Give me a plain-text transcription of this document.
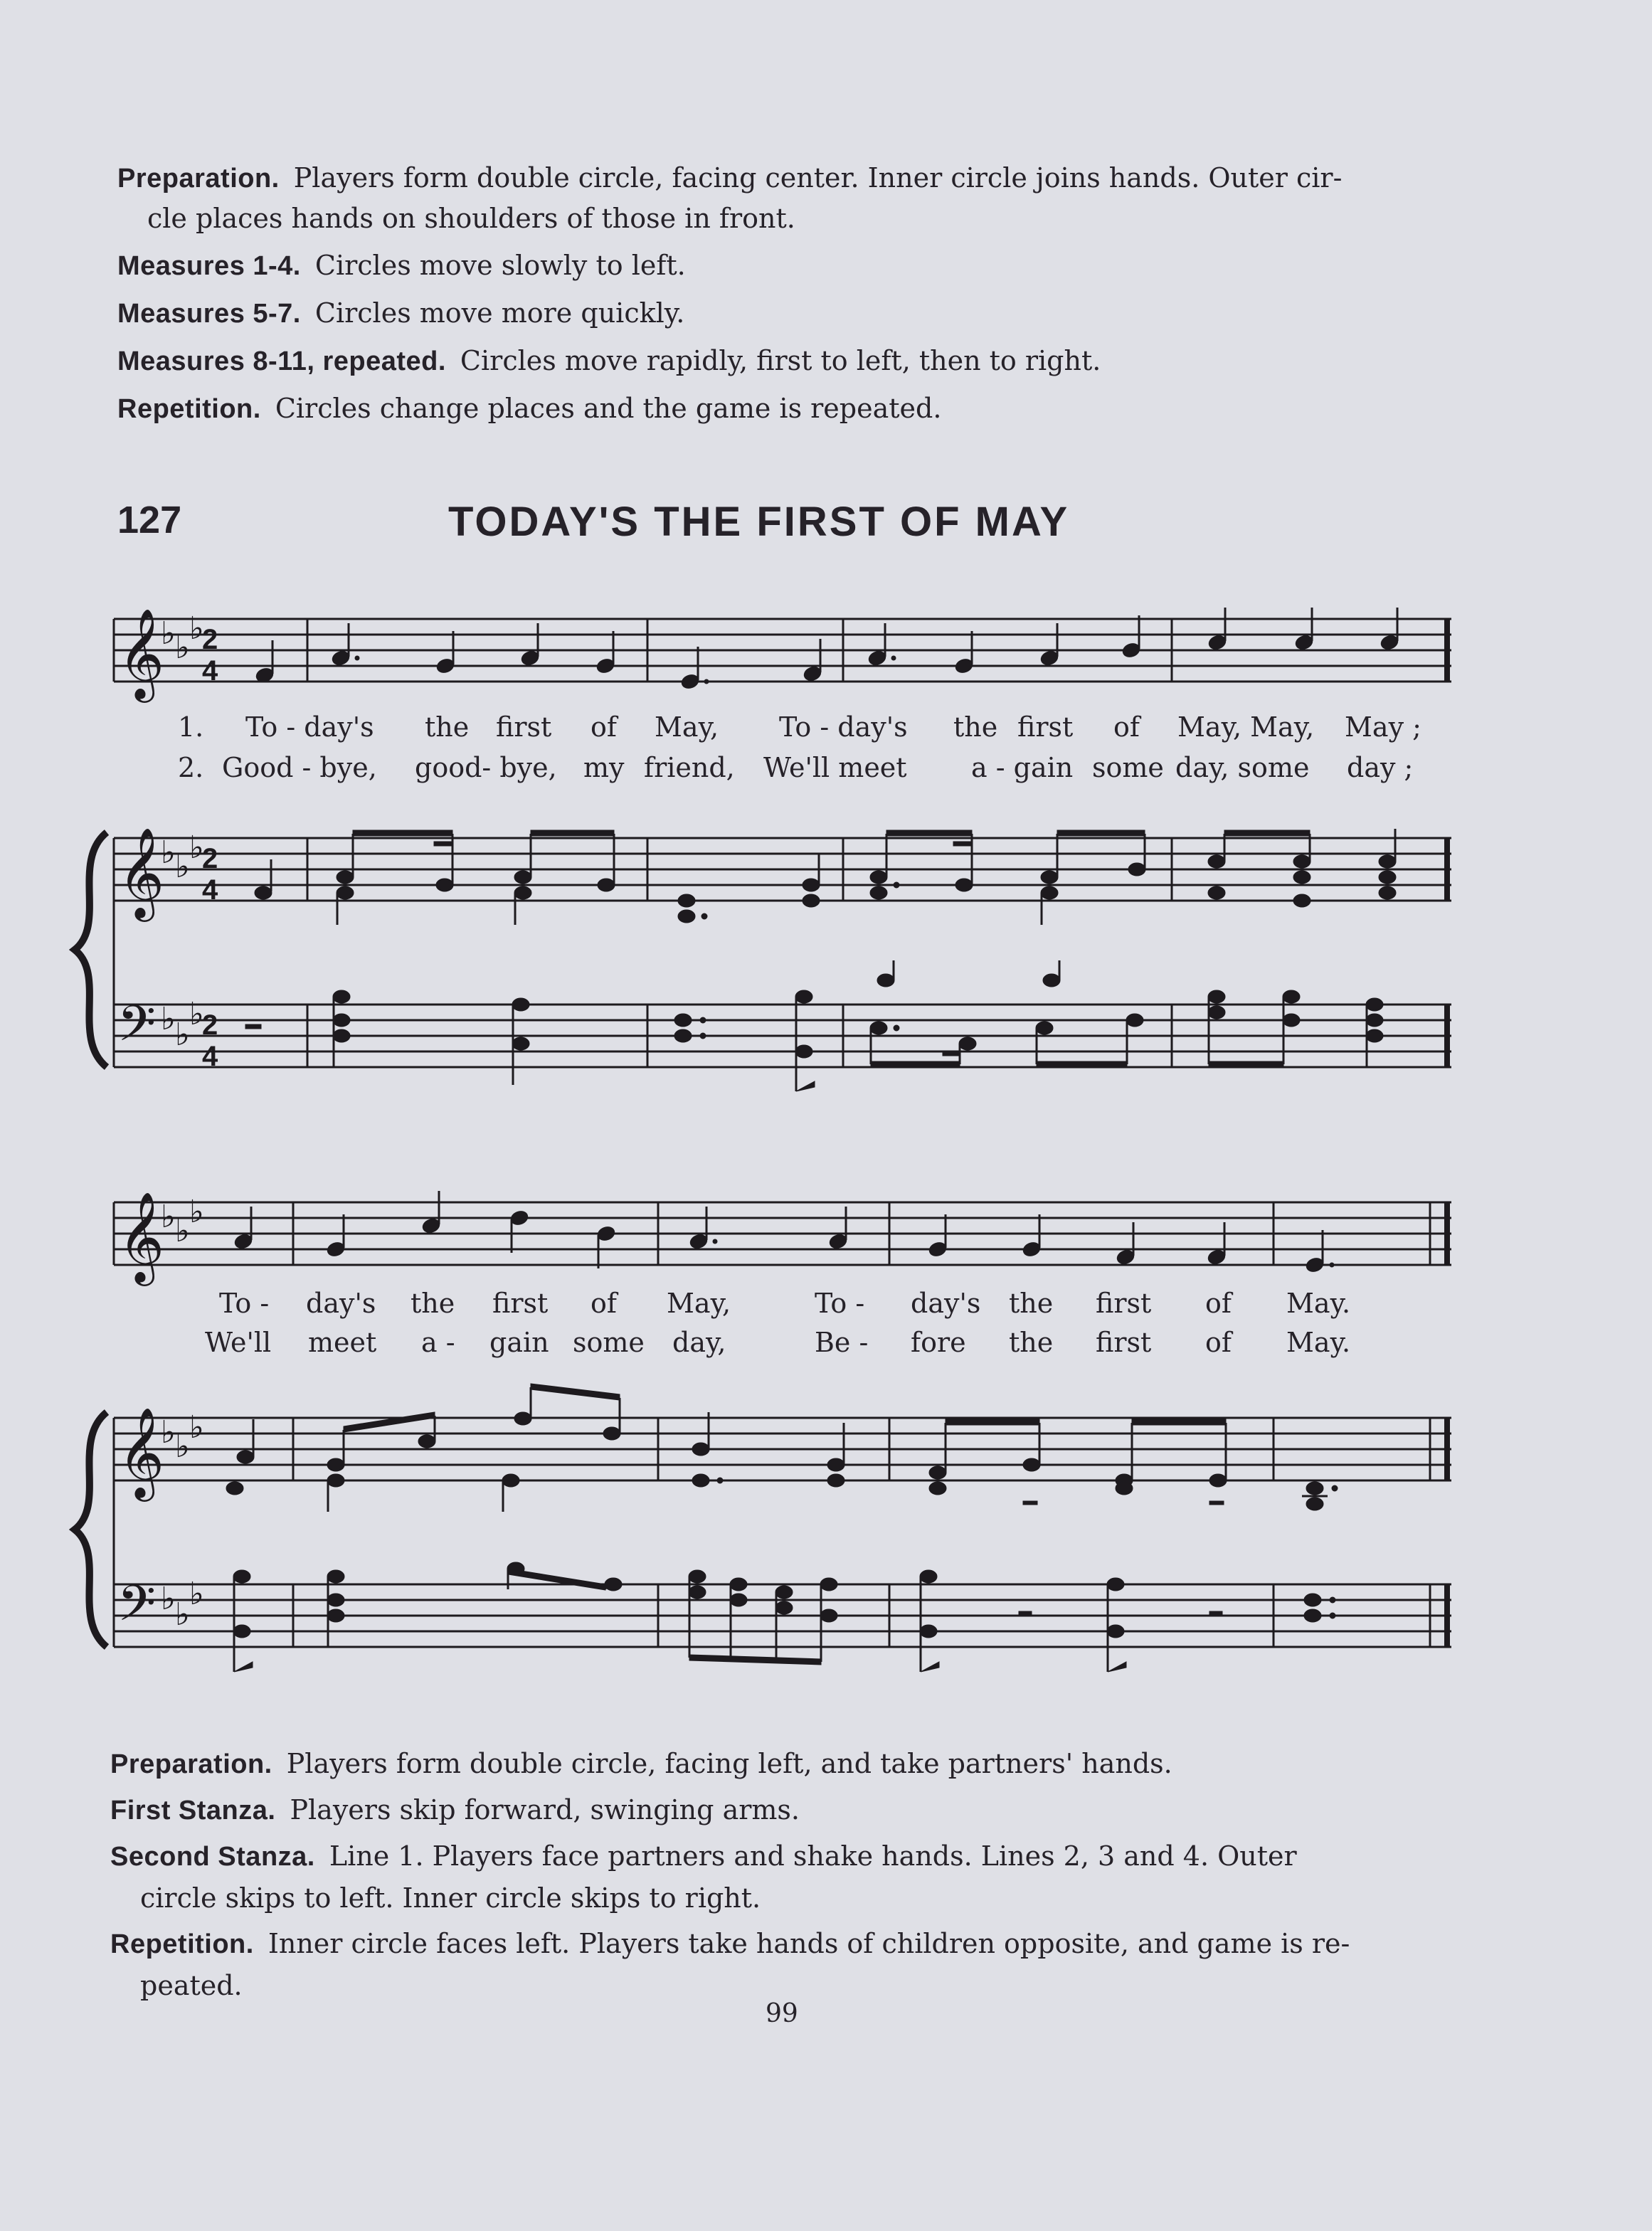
Preparation. Players form double circle, facing center. Inner circle joins hands. Outer cir-
cle places hands on shoulders of those in front.
Measures 1-4. Circles move slowly to left.
Measures 5-7. Circles move more quickly.
Measures 8-11, repeated. Circles move rapidly, first to left, then to right.
Repetition. Circles change places and the game is repeated.
127	TODAY'S THE FIRST OF MAY
𝄞
♭ ♭
♭
2
4
1. To - day's the first of May, To - day's the first of May, May, May ;
2. Good - bye, good- bye, my friend, We'll meet a - gain some day, some day ;
𝄞
♭ ♭
♭
2
4
𝄢 ♭ ♭
♭
2
4
𝄞
♭ ♭
♭
To - day's the first of May,	To - day's the first of May.
We'll meet a - gain some day,	Be - fore the first of May.
𝄞
♭ ♭
♭
𝄢 ♭ ♭
♭
Preparation. Players form double circle, facing left, and take partners' hands.
First Stanza. Players skip forward, swinging arms.
Second Stanza. Line 1. Players face partners and shake hands. Lines 2, 3 and 4. Outer
circle skips to left. Inner circle skips to right.
Repetition. Inner circle faces left. Players take hands of children opposite, and game is re-
peated.
99
